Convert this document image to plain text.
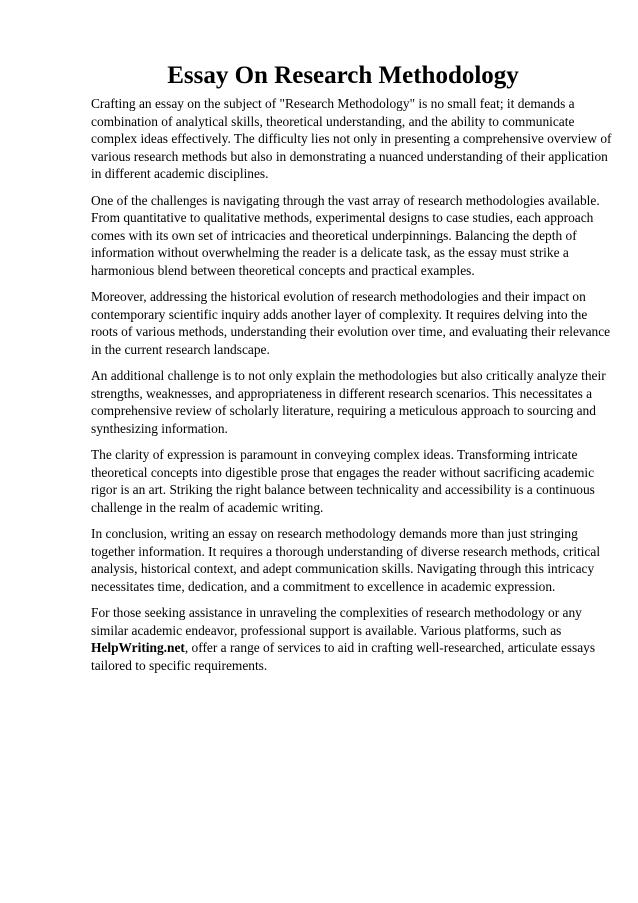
Essay On Research Methodology

Crafting an essay on the subject of "Research Methodology" is no small feat; it demands a
combination of analytical skills, theoretical understanding, and the ability to communicate
complex ideas effectively. The difficulty lies not only in presenting a comprehensive overview of
various research methods but also in demonstrating a nuanced understanding of their application
in different academic disciplines.

One of the challenges is navigating through the vast array of research methodologies available.
From quantitative to qualitative methods, experimental designs to case studies, each approach
comes with its own set of intricacies and theoretical underpinnings. Balancing the depth of
information without overwhelming the reader is a delicate task, as the essay must strike a
harmonious blend between theoretical concepts and practical examples.

Moreover, addressing the historical evolution of research methodologies and their impact on
contemporary scientific inquiry adds another layer of complexity. It requires delving into the
roots of various methods, understanding their evolution over time, and evaluating their relevance
in the current research landscape.

An additional challenge is to not only explain the methodologies but also critically analyze their
strengths, weaknesses, and appropriateness in different research scenarios. This necessitates a
comprehensive review of scholarly literature, requiring a meticulous approach to sourcing and
synthesizing information.

The clarity of expression is paramount in conveying complex ideas. Transforming intricate
theoretical concepts into digestible prose that engages the reader without sacrificing academic
rigor is an art. Striking the right balance between technicality and accessibility is a continuous
challenge in the realm of academic writing.

In conclusion, writing an essay on research methodology demands more than just stringing
together information. It requires a thorough understanding of diverse research methods, critical
analysis, historical context, and adept communication skills. Navigating through this intricacy
necessitates time, dedication, and a commitment to excellence in academic expression.

For those seeking assistance in unraveling the complexities of research methodology or any
similar academic endeavor, professional support is available. Various platforms, such as
HelpWriting.net, offer a range of services to aid in crafting well-researched, articulate essays
tailored to specific requirements.
